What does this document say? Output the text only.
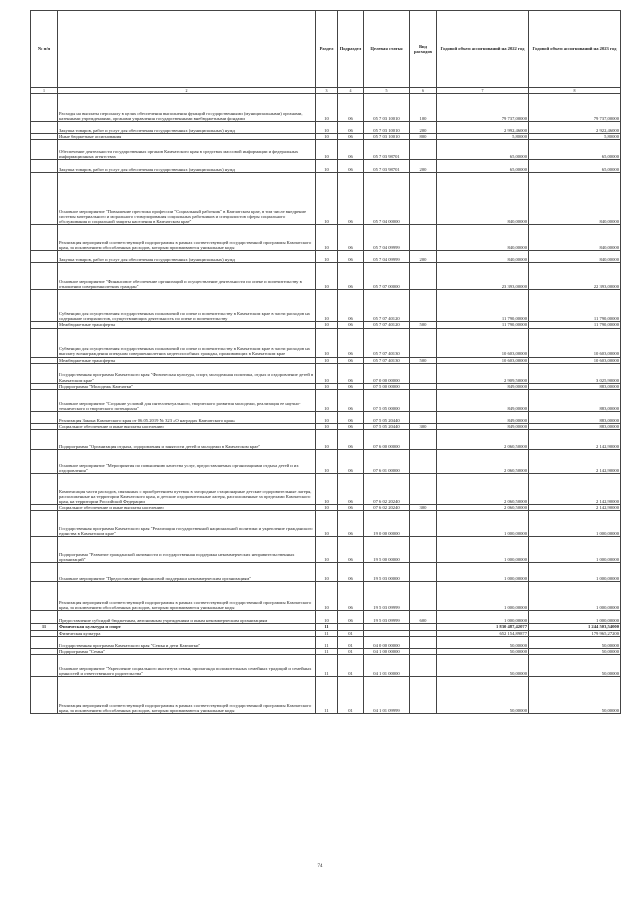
№ п/п		Раздел	Подраздел	Целевая статья	Вид расходов	Годовой объем ассигнований на 2022 год	Годовой объем ассигнований на 2023 год
1	2	3	4	5	6	7	8
	Расходы на выплаты персоналу в целях обеспечения выполнения функций государственными (муниципальными) органами, казенными учреждениями, органами управления государственными внебюджетными фондами	10	06	05 7 03 10010	100	79 737,00000	79 737,00000
	Закупка товаров, работ и услуг для обеспечения государственных (муниципальных) нужд	10	06	05 7 03 10010	200	2 992,46000	2 922,46000
	Иные бюджетные ассигнования	10	06	05 7 03 10010	800	5,80000	5,80000
	Обеспечение деятельности государственных органов Камчатского края в средствах массовой информации и федеральных информационных агентствах	10	06	05 7 03 98701		65,00000	65,00000
	Закупка товаров, работ и услуг для обеспечения государственных (муниципальных) нужд	10	06	05 7 03 98701	200	65,00000	65,00000
	Основное мероприятие "Повышение престижа профессии "Социальный работник" в Камчатском крае, в том числе внедрение системы материального и морального стимулирования социальных работников и специалистов сферы социального обслуживания и социальной защиты населения в Камчатском крае"	10	06	05 7 04 00000		840,00000	840,00000
	Реализация мероприятий соответствующей подпрограммы в рамках соответствующей государственной программы Камчатского края, за исключением обособленных расходов, которым присваиваются уникальные коды	10	06	05 7 04 09999		840,00000	840,00000
	Закупка товаров, работ и услуг для обеспечения государственных (муниципальных) нужд	10	06	05 7 04 09999	200	840,00000	840,00000
	Основное мероприятие "Финансовое обеспечение организаций и осуществление деятельности по опеке и попечительству в отношении совершеннолетних граждан"	10	06	05 7 07 00000		23 393,00000	22 393,00000
	Субвенции для осуществления государственных полномочий по опеке и попечительству в Камчатском крае в части расходов на содержание специалистов, осуществляющих деятельность по опеке и попечительству	10	06	05 7 07 40120		11 790,00000	11 790,00000
	Межбюджетные трансферты	10	06	05 7 07 40120	500	11 790,00000	11 790,00000
	Субвенции для осуществления государственных полномочий по опеке и попечительству в Камчатском крае в части расходов на выплату вознаграждения опекунам совершеннолетних недееспособных граждан, проживающих в Камчатском крае	10	06	05 7 07 40130		10 603,00000	10 603,00000
	Межбюджетные трансферты	10	06	05 7 07 40130	500	10 603,00000	10 603,00000
	Государственная программа Камчатского края "Физическая культура, спорт, молодежная политика, отдых и оздоровление детей в Камчатском крае"	10	06	07 0 00 00000		2 909,50000	3 025,90000
	Подпрограмма "Молодежь Камчатки"	10	06	07 5 00 00000		849,00000	883,00000
	Основное мероприятие "Создание условий для интеллектуального, творческого развития молодежи, реализация ее научно-технического и творческого потенциала"	10	06	07 5 05 00000		849,00000	883,00000
	Реализация Закона Камчатского края от 06.05.2019 № 323 «О наградах Камчатского края»	10	06	07 5 05 20440		849,00000	883,00000
	Социальное обеспечение и иные выплаты населению	10	06	07 5 05 20440	300	849,00000	883,00000
	Подпрограмма "Организация отдыха, оздоровления и занятости детей и молодежи в Камчатском крае"	10	06	07 6 00 00000		2 060,50000	2 142,90000
	Основное мероприятие "Мероприятия по повышению качества услуг, предоставляемых организациями отдыха детей и их оздоровления"	10	06	07 6 01 00000		2 060,50000	2 142,90000
	Компенсация части расходов, связанных с приобретением путевок в загородные стационарные детские оздоровительные лагеря, расположенные на территории Камчатского края, и детские оздоровительные лагеря, расположенные за пределами Камчатского края, на территории Российской Федерации	10	06	07 6 02 20240		2 060,50000	2 142,90000
	Социальное обеспечение и иные выплаты населению	10	06	07 6 02 20240	300	2 060,50000	2 142,90000
	Государственная программа Камчатского края "Реализация государственной национальной политики и укрепление гражданского единства в Камчатском крае"	10	06	19 0 00 00000		1 000,00000	1 000,00000
	Подпрограмма "Развитие гражданской активности и государственная поддержка некоммерческих неправительственных организаций"	10	06	19 5 00 00000		1 000,00000	1 000,00000
	Основное мероприятие "Предоставление финансовой поддержки некоммерческим организациям"	10	06	19 5 03 00000		1 000,00000	1 000,00000
	Реализация мероприятий соответствующей подпрограммы в рамках соответствующей государственной программы Камчатского края, за исключением обособленных расходов, которым присваиваются уникальные коды	10	06	19 5 03 09999		1 000,00000	1 000,00000
	Предоставление субсидий бюджетным, автономным учреждениям и иным некоммерческим организациям	10	06	19 5 03 09999	600	1 000,00000	1 000,00000
11	Физическая культура и спорт	11				1 830 487,42077	1 244 503,54000
	Физическая культура	11	01			652 154,89877	179 965,27200
	Государственная программа Камчатского края "Семья и дети Камчатки"	11	01	04 0 00 00000		50,00000	50,00000
	Подпрограмма "Семья"	11	01	04 1 00 00000		50,00000	50,00000
	Основное мероприятие "Укрепление социального института семьи, пропаганда положительных семейных традиций и семейных ценностей и ответственного родительства"	11	01	04 1 01 00000		50,00000	50,00000
	Реализация мероприятий соответствующей подпрограммы в рамках соответствующей государственной программы Камчатского края, за исключением обособленных расходов, которым присваиваются уникальные коды	11	01	04 1 01 09999		50,00000	50,00000
74
